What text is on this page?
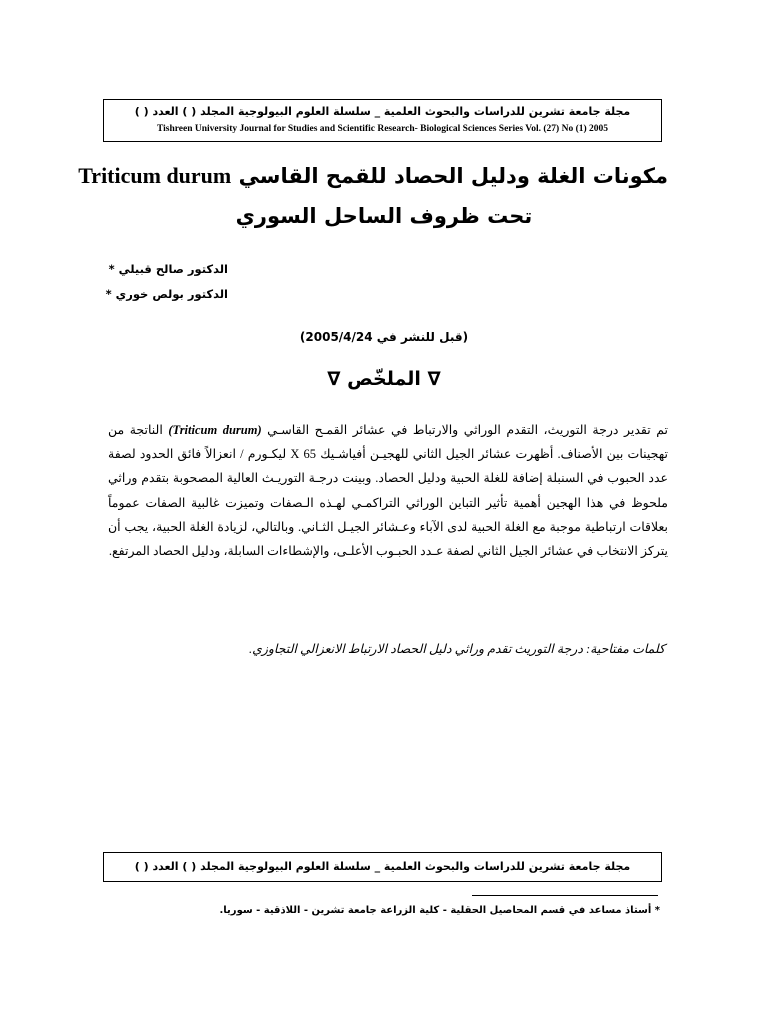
مجلة جامعة تشرين للدراسات والبحوث العلمية _ سلسلة العلوم البيولوجية المجلد ( ) العدد ( )
Tishreen University Journal for Studies and Scientific Research- Biological Sciences Series Vol. (27) No (1) 2005
مكونات الغلة ودليل الحصاد للقمح القاسي Triticum durum
تحت ظروف الساحل السوري
الدكتور صالح قبيلي *
الدكتور بولص خوري *
(قبل للنشر في 2005/4/24)
∇ الملخّص ∇
تم تقدير درجة التوريث، التقدم الوراثي والارتباط في عشائر القمـح القاسـي (Triticum durum) الناتجة من تهجينات بين الأصناف. أظهرت عشائر الجيل الثاني للهجيـن أفياشـيك 65 X ليكـورم / انعزالاً فائق الحدود لصفة عدد الحبوب في السنبلة إضافة للغلة الحبية ودليل الحصاد. وبينت درجـة التوريـث العالية المصحوبة بتقدم وراثي ملحوظ في هذا الهجين أهمية تأثير التباين الوراثي التراكمـي لهـذه الـصفات وتميزت غالبية الصفات عموماً بعلاقات ارتباطية موجبة مع الغلة الحبية لدى الآباء وعـشائر الجيـل الثـاني. وبالتالي، لزيادة الغلة الحبية، يجب أن يتركز الانتخاب في عشائر الجيل الثاني لصفة عـدد الحبـوب الأعلـى، والإشطاءات السابلة، ودليل الحصاد المرتفع.
كلمات مفتاحية: درجة التوريث تقدم وراثي دليل الحصاد الارتباط الانعزالي التجاوزي.
مجلة جامعة تشرين للدراسات والبحوث العلمية _ سلسلة العلوم البيولوجية المجلد ( ) العدد ( )
* أستاذ مساعد في قسم المحاصيل الحقلية - كلية الزراعة جامعة تشرين - اللاذقية - سوريا.
